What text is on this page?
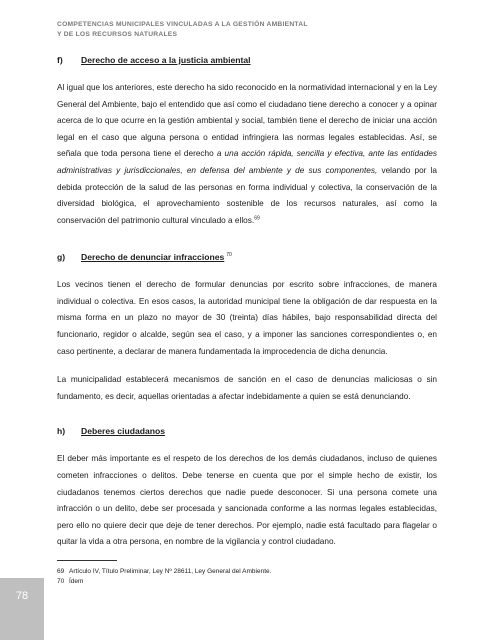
COMPETENCIAS MUNICIPALES VINCULADAS A LA GESTIÓN AMBIENTAL
Y DE LOS RECURSOS NATURALES
f) Derecho de acceso a la justicia ambiental

Al igual que los anteriores, este derecho ha sido reconocido en la normatividad internacional y en la Ley General del Ambiente, bajo el entendido que así como el ciudadano tiene derecho a conocer y a opinar acerca de lo que ocurre en la gestión ambiental y social, también tiene el derecho de iniciar una acción legal en el caso que alguna persona o entidad infringiera las normas legales establecidas. Así, se señala que toda persona tiene el derecho a una acción rápida, sencilla y efectiva, ante las entidades administrativas y jurisdiccionales, en defensa del ambiente y de sus componentes, velando por la debida protección de la salud de las personas en forma individual y colectiva, la conservación de la diversidad biológica, el aprovechamiento sostenible de los recursos naturales, así como la conservación del patrimonio cultural vinculado a ellos.$^{69}$

g) Derecho de denunciar infracciones $^{70}$

Los vecinos tienen el derecho de formular denuncias por escrito sobre infracciones, de manera individual o colectiva. En esos casos, la autoridad municipal tiene la obligación de dar respuesta en la misma forma en un plazo no mayor de 30 (treinta) días hábiles, bajo responsabilidad directa del funcionario, regidor o alcalde, según sea el caso, y a imponer las sanciones correspondientes o, en caso pertinente, a declarar de manera fundamentada la improcedencia de dicha denuncia.

La municipalidad establecerá mecanismos de sanción en el caso de denuncias maliciosas o sin fundamento, es decir, aquellas orientadas a afectar indebidamente a quien se está denunciando.

h) Deberes ciudadanos

El deber más importante es el respeto de los derechos de los demás ciudadanos, incluso de quienes cometen infracciones o delitos. Debe tenerse en cuenta que por el simple hecho de existir, los ciudadanos tenemos ciertos derechos que nadie puede desconocer. Si una persona comete una infracción o un delito, debe ser procesada y sancionada conforme a las normas legales establecidas, pero ello no quiere decir que deje de tener derechos. Por ejemplo, nadie está facultado para flagelar o quitar la vida a otra persona, en nombre de la vigilancia y control ciudadano.

69 Artículo IV, Título Preliminar, Ley Nº 28611, Ley General del Ambiente.
70 Ídem
78
